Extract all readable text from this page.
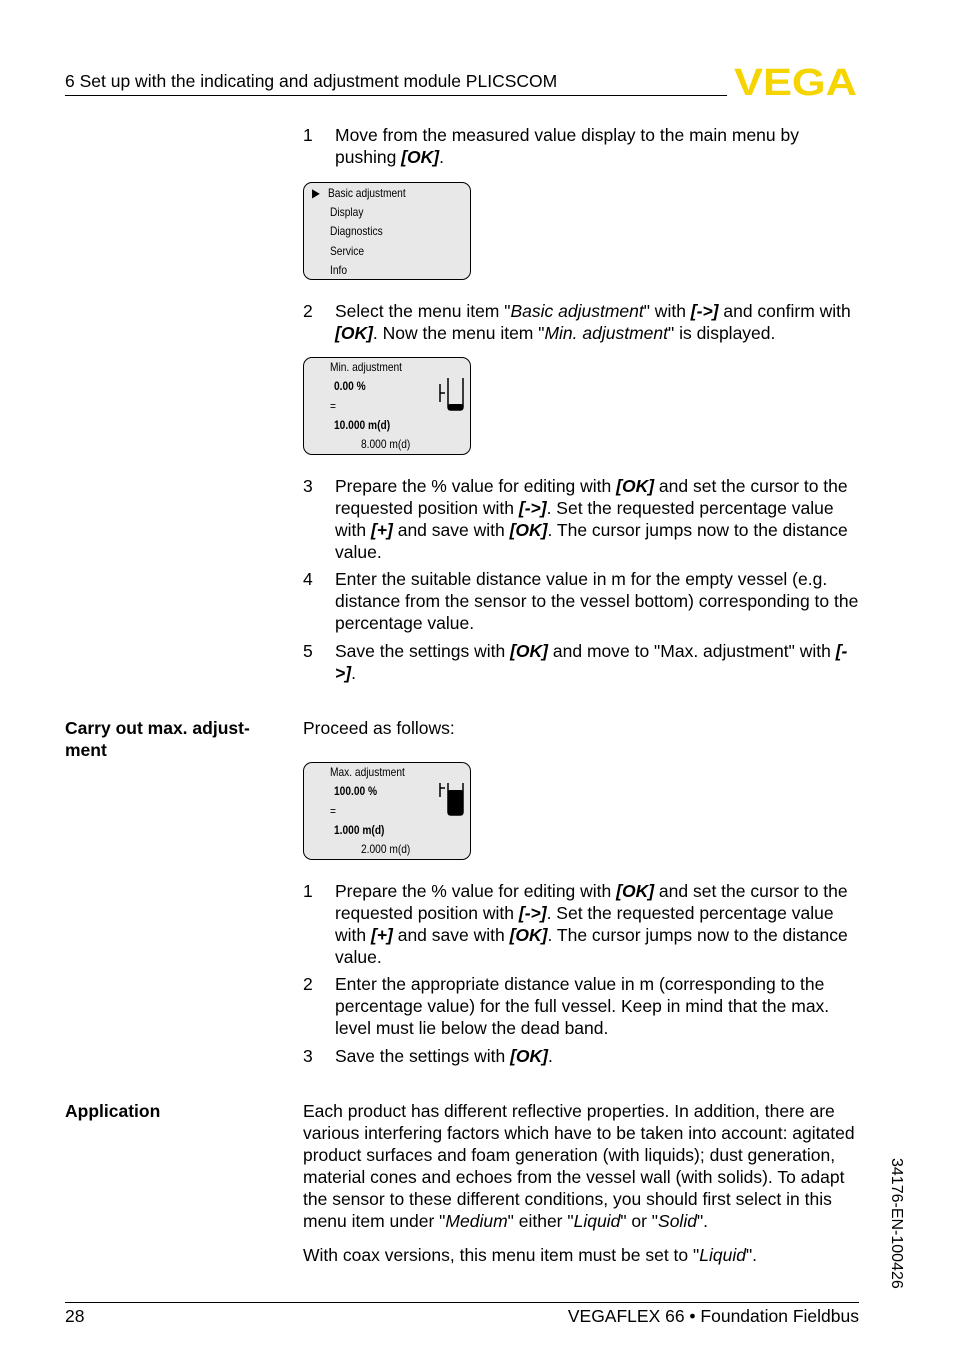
6 Set up with the indicating and adjustment module PLICSCOM	VEGA
1 Move from the measured value display to the main menu by pushing [OK].
▶ Basic adjustment
Display
Diagnostics
Service
Info
2 Select the menu item "Basic adjustment" with [->] and confirm with [OK]. Now the menu item "Min. adjustment" is displayed.
Min. adjustment
0.00 %
=
10.000 m(d)
8.000 m(d)
3 Prepare the % value for editing with [OK] and set the cursor to the requested position with [->]. Set the requested percentage value with [+] and save with [OK]. The cursor jumps now to the distance value.
4 Enter the suitable distance value in m for the empty vessel (e.g. distance from the sensor to the vessel bottom) corresponding to the percentage value.
5 Save the settings with [OK] and move to "Max. adjustment" with [->].
Carry out max. adjust-ment
Proceed as follows:
Max. adjustment
100.00 %
=
1.000 m(d)
2.000 m(d)
1 Prepare the % value for editing with [OK] and set the cursor to the requested position with [->]. Set the requested percentage value with [+] and save with [OK]. The cursor jumps now to the distance value.
2 Enter the appropriate distance value in m (corresponding to the percentage value) for the full vessel. Keep in mind that the max. level must lie below the dead band.
3 Save the settings with [OK].
Application	Each product has different reflective properties. In addition, there are various interfering factors which have to be taken into account: agitated product surfaces and foam generation (with liquids); dust generation, material cones and echoes from the vessel wall (with solids). To adapt the sensor to these different conditions, you should first select in this menu item under "Medium" either "Liquid" or "Solid".
With coax versions, this menu item must be set to "Liquid".	34176-EN-100426
28	VEGAFLEX 66 • Foundation Fieldbus
